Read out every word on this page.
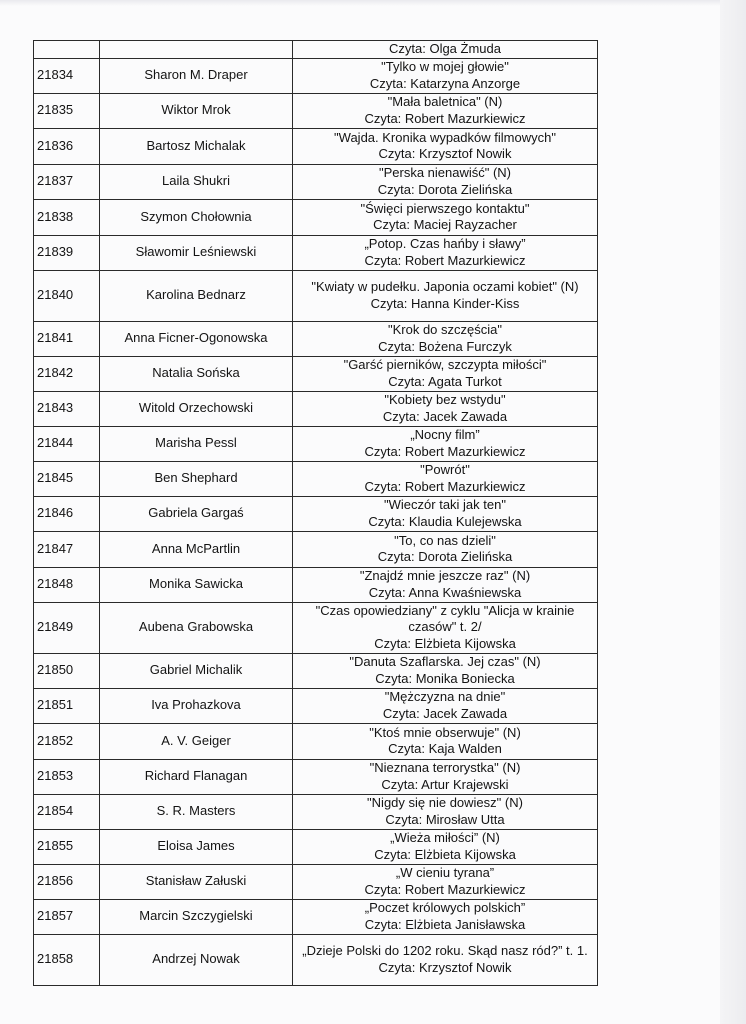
		Czyta: Olga Żmuda

21834	Sharon M. Draper	"Tylko w mojej głowie"
Czyta: Katarzyna Anzorge

21835	Wiktor Mrok	"Mała baletnica" (N)
Czyta: Robert Mazurkiewicz

21836	Bartosz Michalak	"Wajda. Kronika wypadków filmowych"
Czyta: Krzysztof Nowik

21837	Laila Shukri	"Perska nienawiść" (N)
Czyta: Dorota Zielińska

21838	Szymon Chołownia	"Święci pierwszego kontaktu"
Czyta: Maciej Rayzacher

21839	Sławomir Leśniewski	„Potop. Czas hańby i sławy”
Czyta: Robert Mazurkiewicz

21840	Karolina Bednarz	"Kwiaty w pudełku. Japonia oczami kobiet" (N)
Czyta: Hanna Kinder-Kiss

21841	Anna Ficner-Ogonowska	"Krok do szczęścia"
Czyta: Bożena Furczyk

21842	Natalia Sońska	"Garść pierników, szczypta miłości"
Czyta: Agata Turkot

21843	Witold Orzechowski	"Kobiety bez wstydu"
Czyta: Jacek Zawada

21844	Marisha Pessl	„Nocny film”
Czyta: Robert Mazurkiewicz

21845	Ben Shephard	"Powrót"
Czyta: Robert Mazurkiewicz

21846	Gabriela Gargaś	"Wieczór taki jak ten"
Czyta: Klaudia Kulejewska

21847	Anna McPartlin	"To, co nas dzieli"
Czyta: Dorota Zielińska

21848	Monika Sawicka	"Znajdź mnie jeszcze raz" (N)
Czyta: Anna Kwaśniewska

21849	Aubena Grabowska	"Czas opowiedziany" z cyklu "Alicja w krainie czasów" t. 2/
Czyta: Elżbieta Kijowska

21850	Gabriel Michalik	"Danuta Szaflarska. Jej czas" (N)
Czyta: Monika Boniecka

21851	Iva Prohazkova	"Mężczyzna na dnie"
Czyta: Jacek Zawada

21852	A. V. Geiger	"Ktoś mnie obserwuje" (N)
Czyta: Kaja Walden

21853	Richard Flanagan	"Nieznana terrorystka" (N)
Czyta: Artur Krajewski

21854	S. R. Masters	"Nigdy się nie dowiesz" (N)
Czyta: Mirosław Utta

21855	Eloisa James	„Wieża miłości” (N)
Czyta: Elżbieta Kijowska

21856	Stanisław Załuski	„W cieniu tyrana”
Czyta: Robert Mazurkiewicz

21857	Marcin Szczygielski	„Poczet królowych polskich”
Czyta: Elżbieta Janisławska

21858	Andrzej Nowak	„Dzieje Polski do 1202 roku. Skąd nasz ród?” t. 1.
Czyta: Krzysztof Nowik
